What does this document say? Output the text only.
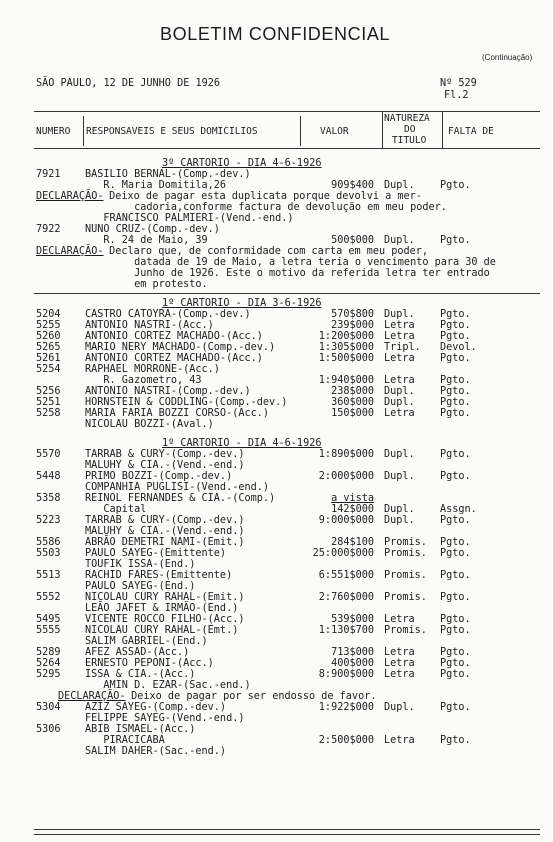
BOLETIM CONFIDENCIAL
(Continuação)
SÃO PAULO, 12 DE JUNHO DE 1926	Nº 529
Fl.2
NUMERO RESPONSAVEIS E SEUS DOMICILIOS	VALOR
NATUREZA
DO
TITULO
FALTA DE
3º CARTORIO - DIA 4-6-1926
7921 BASILIO BERNAL-(Comp.-dev.)
R. Maria Domitila,26	909$400 Dupl. Pgto.
DECLARAÇÃO- Deixo de pagar esta duplicata porque devolvi a mer-
cadoria,conforme factura de devolução em meu poder.
FRANCISCO PALMIERI-(Vend.-end.)
7922 NUNO CRUZ-(Comp.-dev.)
R. 24 de Maio, 39	500$000 Dupl. Pgto.
DECLARAÇÃO- Declaro que, de conformidade com carta em meu poder,
datada de 19 de Maio, a letra teria o vencimento para 30 de
Junho de 1926. Este o motivo da referida letra ter entrado
em protesto.
1º CARTORIO - DIA 3-6-1926
5204 CASTRO CATOYRA-(Comp.-dev.)	570$800 Dupl. Pgto.
5255 ANTONIO NASTRI-(Acc.)	239$000 Letra Pgto.
5260 ANTONIO CORTEZ MACHADO-(Acc.)	1:200$000 Letra Pgto.
5265 MARIO NERY MACHADO-(Comp.-dev.)	1:305$000 Tripl. Devol.
5261 ANTONIO CORTEZ MACHADO-(Acc.)	1:500$000 Letra Pgto.
5254 RAPHAEL MORRONE-(Acc.)
R. Gazometro, 43	1:940$000 Letra Pgto.
5256 ANTONIO NASTRI-(Comp.-dev.)	238$000 Dupl. Pgto.
5251 HORNSTEIN & CODDLING-(Comp.-dev.)	360$000 Dupl. Pgto.
5258 MARIA FARIA BOZZI CORSO-(Acc.)	150$000 Letra Pgto.
NICOLAU BOZZI-(Aval.)
1º CARTORIO - DIA 4-6-1926
5570 TARRAB & CURY-(Comp.-dev.)	1:890$000 Dupl. Pgto.
MALUHY & CIA.-(Vend.-end.)
5448 PRIMO BOZZI-(Comp.-dev.)	2:000$000 Dupl. Pgto.
COMPANHIA PUGLISI-(Vend.-end.)
5358 REINOL FERNANDES & CIA.-(Comp.)	a vista
Capital	142$000 Dupl. Assgn.
5223 TARRAB & CURY-(Comp.-dev.)	9:000$000 Dupl. Pgto.
MALUHY & CIA.-(Vend.-end.)
5586 ABRÃO DEMETRI NAMI-(Emit.)	284$100 Promis. Pgto.
5503 PAULO SAYEG-(Emittente)	25:000$000 Promis. Pgto.
TOUFIK ISSA-(End.)
5513 RACHID FARES-(Emittente)	6:551$000 Promis. Pgto.
PAULO SAYEG-(End.)
5552 NICOLAU CURY RAHAL-(Emit.)	2:760$000 Promis. Pgto.
LEÃO JAFET & IRMÃO-(End.)
5495 VICENTE ROCCO FILHO-(Acc.)	539$000 Letra Pgto.
5555 NICOLAU CURY RAHAL-(Emt.)	1:130$700 Promis. Pgto.
SALIM GABRIEL-(End.)
5289 AFEZ ASSAD-(Acc.)	713$000 Letra Pgto.
5264 ERNESTO PEPONI-(Acc.)	400$000 Letra Pgto.
5295 ISSA & CIA.-(Acc.)	8:900$000 Letra Pgto.
AMIN D. EZAR-(Sac.-end.)
DECLARAÇÃO- Deixo de pagar por ser endosso de favor.
5304 AZIZ SAYEG-(Comp.-dev.)	1:922$000 Dupl. Pgto.
FELIPPE SAYEG-(Vend.-end.)
5306 ABIB ISMAEL-(Acc.)
PIRACICABA	2:500$000 Letra Pgto.
SALIM DAHER-(Sac.-end.)
